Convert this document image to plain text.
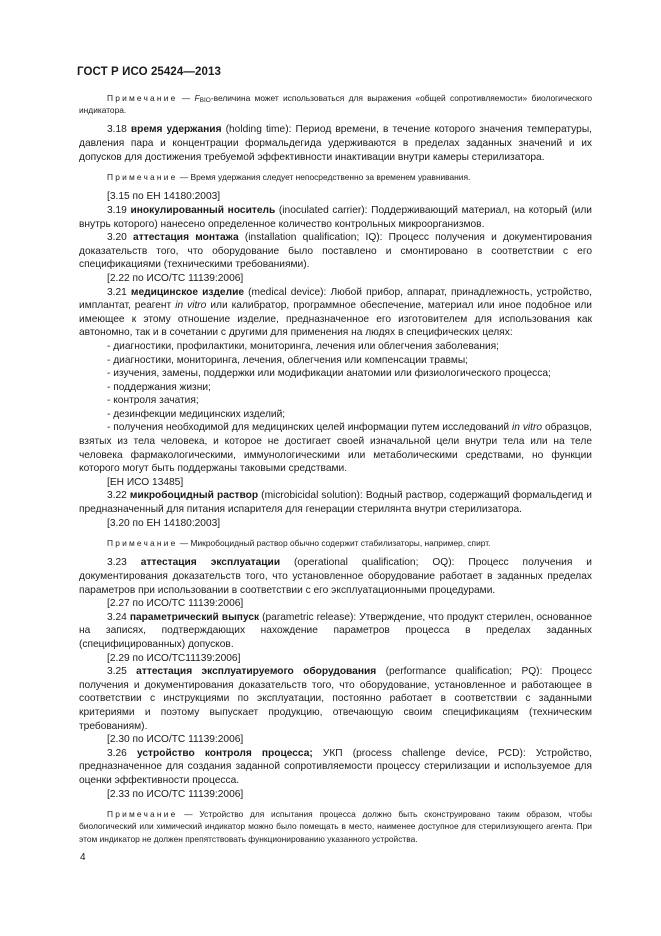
ГОСТ Р ИСО 25424—2013

Примечание — $F_{BIO}$-величина может использоваться для выражения «общей сопротивляемости» биологического индикатора.

3.18 время удержания (holding time): Период времени, в течение которого значения температуры, давления пара и концентрации формальдегида удерживаются в пределах заданных значений и их допусков для достижения требуемой эффективности инактивации внутри камеры стерилизатора.

Примечание — Время удержания следует непосредственно за временем уравнивания.

[3.15 по ЕН 14180:2003]

3.19 инокулированный носитель (inoculated carrier): Поддерживающий материал, на который (или внутрь которого) нанесено определенное количество контрольных микроорганизмов.

3.20 аттестация монтажа (installation qualification; IQ): Процесс получения и документирования доказательств того, что оборудование было поставлено и смонтировано в соответствии с его спецификациями (техническими требованиями).

[2.22 по ИСО/ТС 11139:2006]

3.21 медицинское изделие (medical device): Любой прибор, аппарат, принадлежность, устройство, имплантат, реагент in vitro или калибратор, программное обеспечение, материал или иное подобное или имеющее к этому отношение изделие, предназначенное его изготовителем для использования как автономно, так и в сочетании с другими для применения на людях в специфических целях:

- диагностики, профилактики, мониторинга, лечения или облегчения заболевания;

- диагностики, мониторинга, лечения, облегчения или компенсации травмы;

- изучения, замены, поддержки или модификации анатомии или физиологического процесса;

- поддержания жизни;

- контроля зачатия;

- дезинфекции медицинских изделий;

- получения необходимой для медицинских целей информации путем исследований in vitro образцов, взятых из тела человека, и которое не достигает своей изначальной цели внутри тела или на теле человека фармакологическими, иммунологическими или метаболическими средствами, но функции которого могут быть поддержаны таковыми средствами.

[ЕН ИСО 13485]

3.22 микробоцидный раствор (microbicidal solution): Водный раствор, содержащий формальдегид и предназначенный для питания испарителя для генерации стерилянта внутри стерилизатора.

[3.20 по ЕН 14180:2003]

Примечание — Микробоцидный раствор обычно содержит стабилизаторы, например, спирт.

3.23 аттестация эксплуатации (operational qualification; OQ): Процесс получения и документирования доказательств того, что установленное оборудование работает в заданных пределах параметров при использовании в соответствии с его эксплуатационными процедурами.

[2.27 по ИСО/ТС 11139:2006]

3.24 параметрический выпуск (parametric release): Утверждение, что продукт стерилен, основанное на записях, подтверждающих нахождение параметров процесса в пределах заданных (специфицированных) допусков.

[2.29 по ИСО/ТС11139:2006]

3.25 аттестация эксплуатируемого оборудования (performance qualification; PQ): Процесс получения и документирования доказательств того, что оборудование, установленное и работающее в соответствии с инструкциями по эксплуатации, постоянно работает в соответствии с заданными критериями и поэтому выпускает продукцию, отвечающую своим спецификациям (техническим требованиям).

[2.30 по ИСО/ТС 11139:2006]

3.26 устройство контроля процесса; УКП (process challenge device, PCD): Устройство, предназначенное для создания заданной сопротивляемости процессу стерилизации и используемое для оценки эффективности процесса.

[2.33 по ИСО/ТС 11139:2006]

Примечание — Устройство для испытания процесса должно быть сконструировано таким образом, чтобы биологический или химический индикатор можно было помещать в место, наименее доступное для стерилизующего агента. При этом индикатор не должен препятствовать функционированию указанного устройства.

4
